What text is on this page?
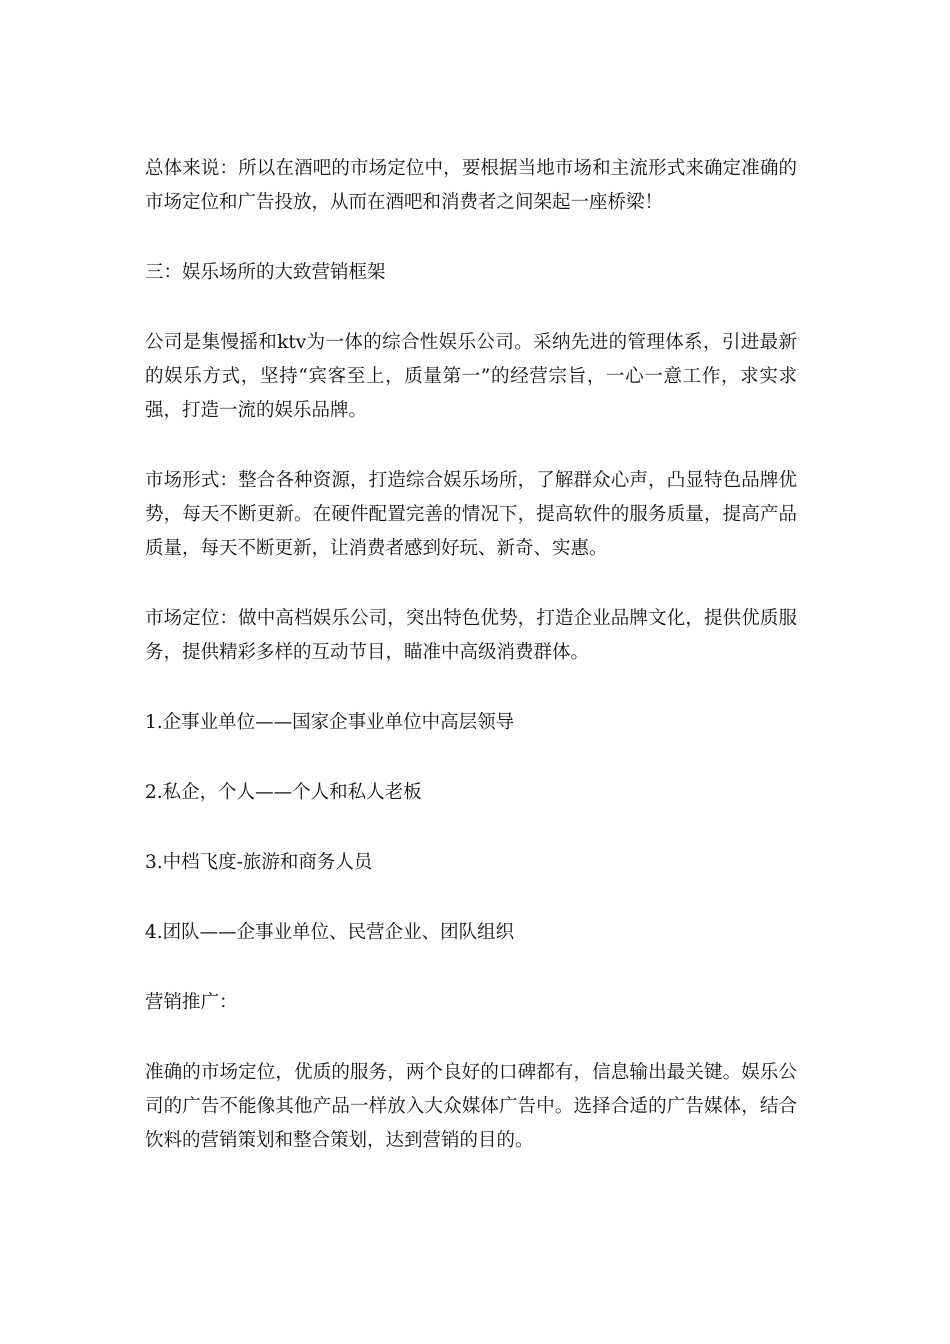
总体来说：所以在酒吧的市场定位中，要根据当地市场和主流形式来确定准确的市场定位和广告投放，从而在酒吧和消费者之间架起一座桥梁！

三：娱乐场所的大致营销框架

公司是集慢摇和ktv为一体的综合性娱乐公司。采纳先进的管理体系，引进最新的娱乐方式，坚持“宾客至上，质量第一”的经营宗旨，一心一意工作，求实求强，打造一流的娱乐品牌。

市场形式：整合各种资源，打造综合娱乐场所，了解群众心声，凸显特色品牌优势，每天不断更新。在硬件配置完善的情况下，提高软件的服务质量，提高产品质量，每天不断更新，让消费者感到好玩、新奇、实惠。

市场定位：做中高档娱乐公司，突出特色优势，打造企业品牌文化，提供优质服务，提供精彩多样的互动节目，瞄准中高级消费群体。

1.企事业单位——国家企事业单位中高层领导

2.私企，个人——个人和私人老板

3.中档飞度-旅游和商务人员

4.团队——企事业单位、民营企业、团队组织

营销推广：

准确的市场定位，优质的服务，两个良好的口碑都有，信息输出最关键。娱乐公司的广告不能像其他产品一样放入大众媒体广告中。选择合适的广告媒体，结合饮料的营销策划和整合策划，达到营销的目的。
